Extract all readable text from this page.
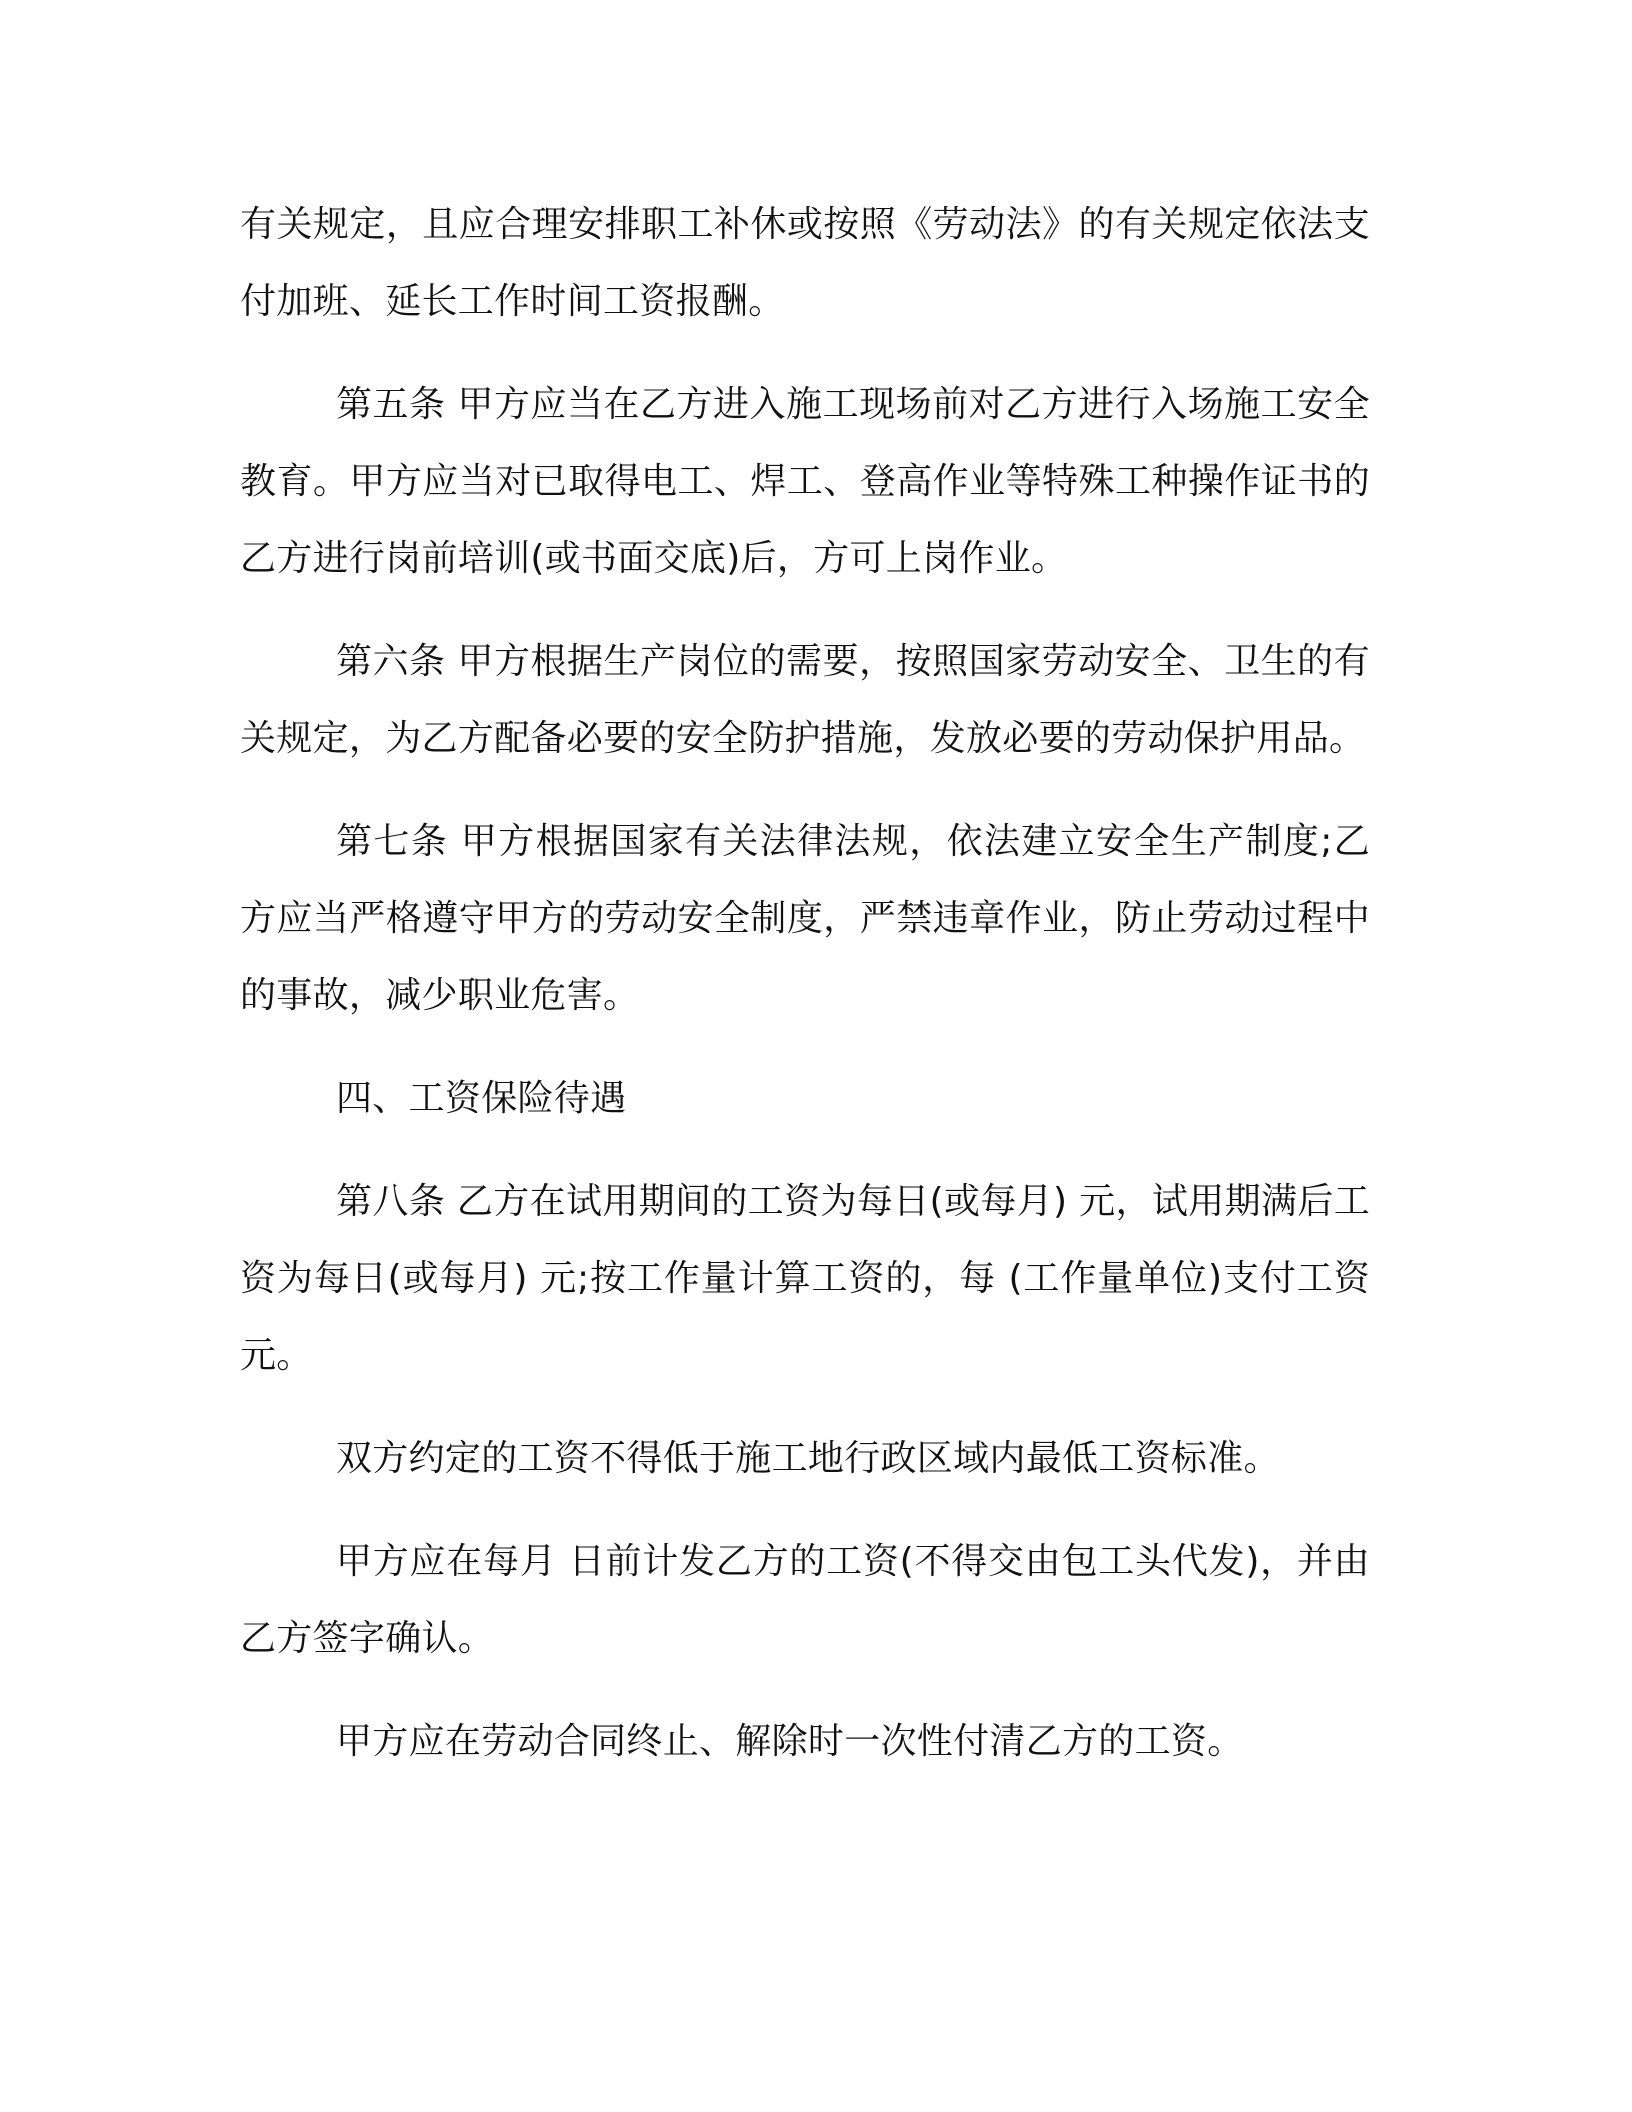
有关规定，且应合理安排职工补休或按照《劳动法》的有关规定依法支付加班、延长工作时间工资报酬。

第五条 甲方应当在乙方进入施工现场前对乙方进行入场施工安全教育。甲方应当对已取得电工、焊工、登高作业等特殊工种操作证书的乙方进行岗前培训(或书面交底)后，方可上岗作业。

第六条 甲方根据生产岗位的需要，按照国家劳动安全、卫生的有关规定，为乙方配备必要的安全防护措施，发放必要的劳动保护用品。

第七条 甲方根据国家有关法律法规，依法建立安全生产制度;乙方应当严格遵守甲方的劳动安全制度，严禁违章作业，防止劳动过程中的事故，减少职业危害。

四、工资保险待遇

第八条 乙方在试用期间的工资为每日(或每月) 元，试用期满后工资为每日(或每月) 元;按工作量计算工资的，每 (工作量单位)支付工资 元。

双方约定的工资不得低于施工地行政区域内最低工资标准。

甲方应在每月 日前计发乙方的工资(不得交由包工头代发)，并由乙方签字确认。

甲方应在劳动合同终止、解除时一次性付清乙方的工资。
